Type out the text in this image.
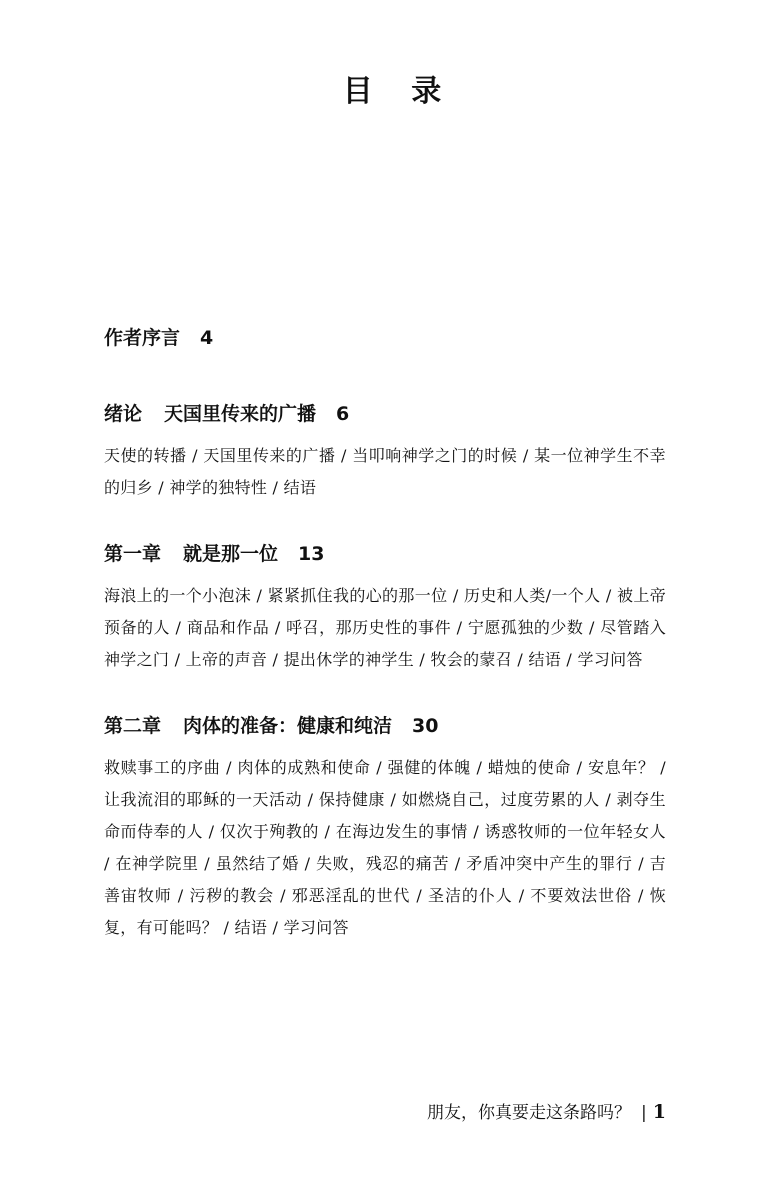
目 录
作者序言 4
绪论 天国里传来的广播 6
天使的转播 / 天国里传来的广播 / 当叩响神学之门的时候 / 某一位神学生不幸的归乡 / 神学的独特性 / 结语
第一章 就是那一位 13
海浪上的一个小泡沫 / 紧紧抓住我的心的那一位 / 历史和人类/一个人 / 被上帝预备的人 / 商品和作品 / 呼召，那历史性的事件 / 宁愿孤独的少数 / 尽管踏入神学之门 / 上帝的声音 / 提出休学的神学生 / 牧会的蒙召 / 结语 / 学习问答
第二章 肉体的准备：健康和纯洁 30
救赎事工的序曲 / 肉体的成熟和使命 / 强健的体魄 / 蜡烛的使命 / 安息年？ / 让我流泪的耶稣的一天活动 / 保持健康 / 如燃烧自己，过度劳累的人 / 剥夺生命而侍奉的人 / 仅次于殉教的 / 在海边发生的事情 / 诱惑牧师的一位年轻女人 / 在神学院里 / 虽然结了婚 / 失败，残忍的痛苦 / 矛盾冲突中产生的罪行 / 吉善宙牧师 / 污秽的教会 / 邪恶淫乱的世代 / 圣洁的仆人 / 不要效法世俗 / 恢复，有可能吗？ / 结语 / 学习问答
朋友，你真要走这条路吗？ | 1
